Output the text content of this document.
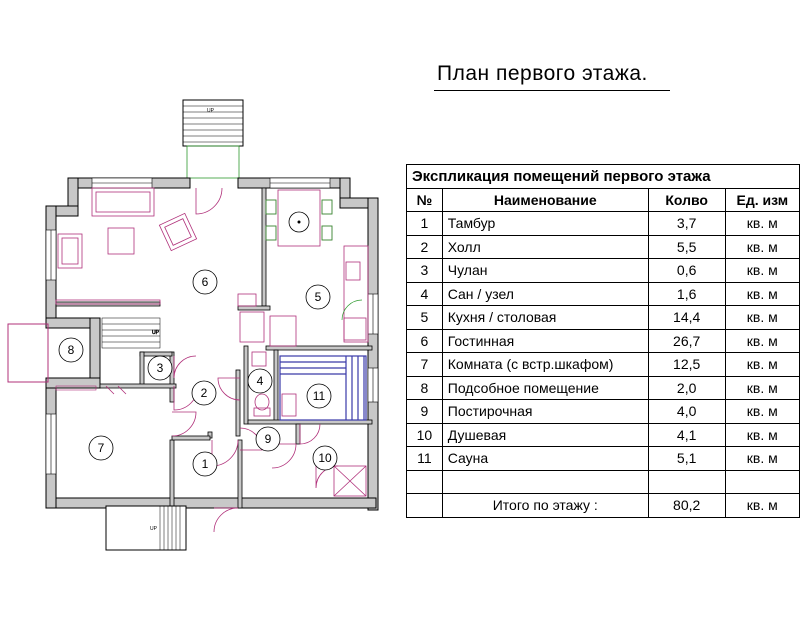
План первого этажа.
UP
UP
UP
1
2
3
4
5
6
7
8
9
10
11
Экспликация помещений первого этажа			
№	Наименование	Колво	Ед. изм
1	Тамбур	3,7	кв. м
2	Холл	5,5	кв. м
3	Чулан	0,6	кв. м
4	Сан / узел	1,6	кв. м
5	Кухня / столовая	14,4	кв. м
6	Гостинная	26,7	кв. м
7	Комната (с встр.шкафом)	12,5	кв. м
8	Подсобное помещение	2,0	кв. м
9	Постирочная	4,0	кв. м
10	Душевая	4,1	кв. м
11	Сауна	5,1	кв. м

	Итого по этажу :	80,2	кв. м
